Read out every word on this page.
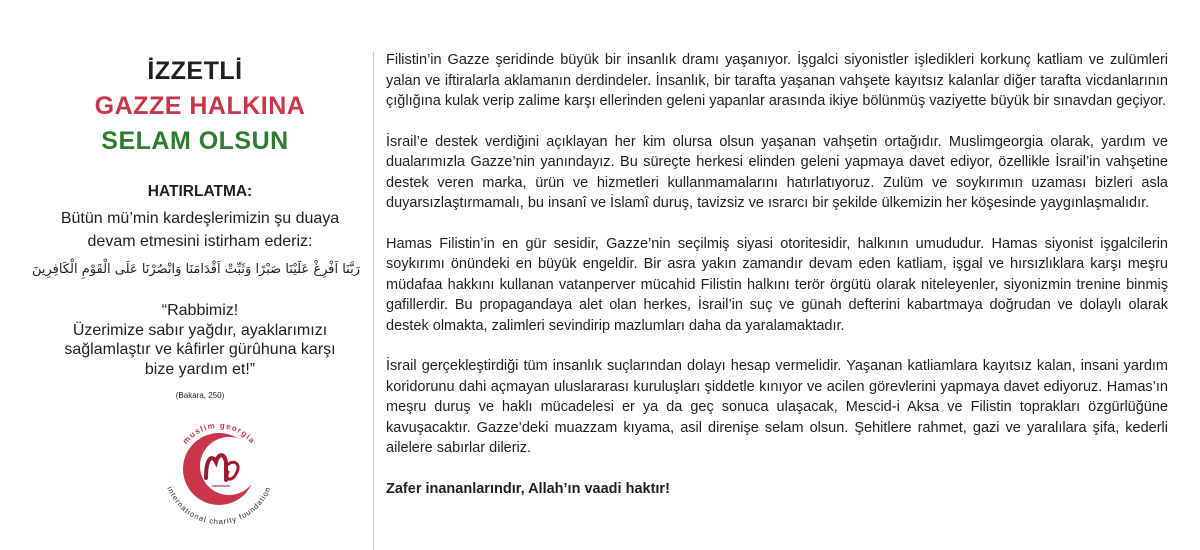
İZZETLİ
GAZZE HALKINA
SELAM OLSUN
HATIRLATMA:
Bütün mü’min kardeşlerimizin şu duaya
devam etmesini istirham ederiz:
رَبَّنَا اَفْرِغْ عَلَيْنَا صَبْرًا وَثَبِّتْ اَقْدَامَنَا وَانْصُرْنَا عَلَى الْقَوْمِ الْكَافِرِينَ
“Rabbimiz!
Üzerimize sabır yağdır, ayaklarımızı
sağlamlaştır ve kâfirler gürûhuna karşı
bize yardım et!”
(Bakara, 250)
muslim georgia
international charity foundation

Filistin’in Gazze şeridinde büyük bir insanlık dramı yaşanıyor. İşgalci siyonistler işledikleri korkunç katliam ve zulümleri yalan ve iftiralarla aklamanın derdindeler. İnsanlık, bir tarafta yaşanan vahşete kayıtsız kalanlar diğer tarafta vicdanlarının çığlığına kulak verip zalime karşı ellerinden geleni yapanlar arasında ikiye bölünmüş vaziyette büyük bir sınavdan geçiyor.

İsrail’e destek verdiğini açıklayan her kim olursa olsun yaşanan vahşetin ortağıdır. Muslimgeorgia olarak, yardım ve dualarımızla Gazze’nin yanındayız. Bu süreçte herkesi elinden geleni yapmaya davet ediyor, özellikle İsrail’in vahşetine destek veren marka, ürün ve hizmetleri kullanmamalarını hatırlatıyoruz. Zulüm ve soykırımın uzaması bizleri asla duyarsızlaştırmamalı, bu insanî ve İslamî duruş, tavizsiz ve ısrarcı bir şekilde ülkemizin her köşesinde yaygınlaşmalıdır.

Hamas Filistin’in en gür sesidir, Gazze’nin seçilmiş siyasi otoritesidir, halkının umududur. Hamas siyonist işgalcilerin soykırımı önündeki en büyük engeldir. Bir asra yakın zamandır devam eden katliam, işgal ve hırsızlıklara karşı meşru müdafaa hakkını kullanan vatanperver mücahid Filistin halkını terör örgütü olarak niteleyenler, siyonizmin trenine binmiş gafillerdir. Bu propagandaya alet olan herkes, İsrail’in suç ve günah defterini kabartmaya doğrudan ve dolaylı olarak destek olmakta, zalimleri sevindirip mazlumları daha da yaralamaktadır.

İsrail gerçekleştirdiği tüm insanlık suçlarından dolayı hesap vermelidir. Yaşanan katliamlara kayıtsız kalan, insani yardım koridorunu dahi açmayan uluslararası kuruluşları şiddetle kınıyor ve acilen görevlerini yapmaya davet ediyoruz. Hamas’ın meşru duruş ve haklı mücadelesi er ya da geç sonuca ulaşacak, Mescid-i Aksa ve Filistin toprakları özgürlüğüne kavuşacaktır. Gazze’deki muazzam kıyama, asil direnişe selam olsun. Şehitlere rahmet, gazi ve yaralılara şifa, kederli ailelere sabırlar dileriz.

Zafer inananlarındır, Allah’ın vaadi haktır!
